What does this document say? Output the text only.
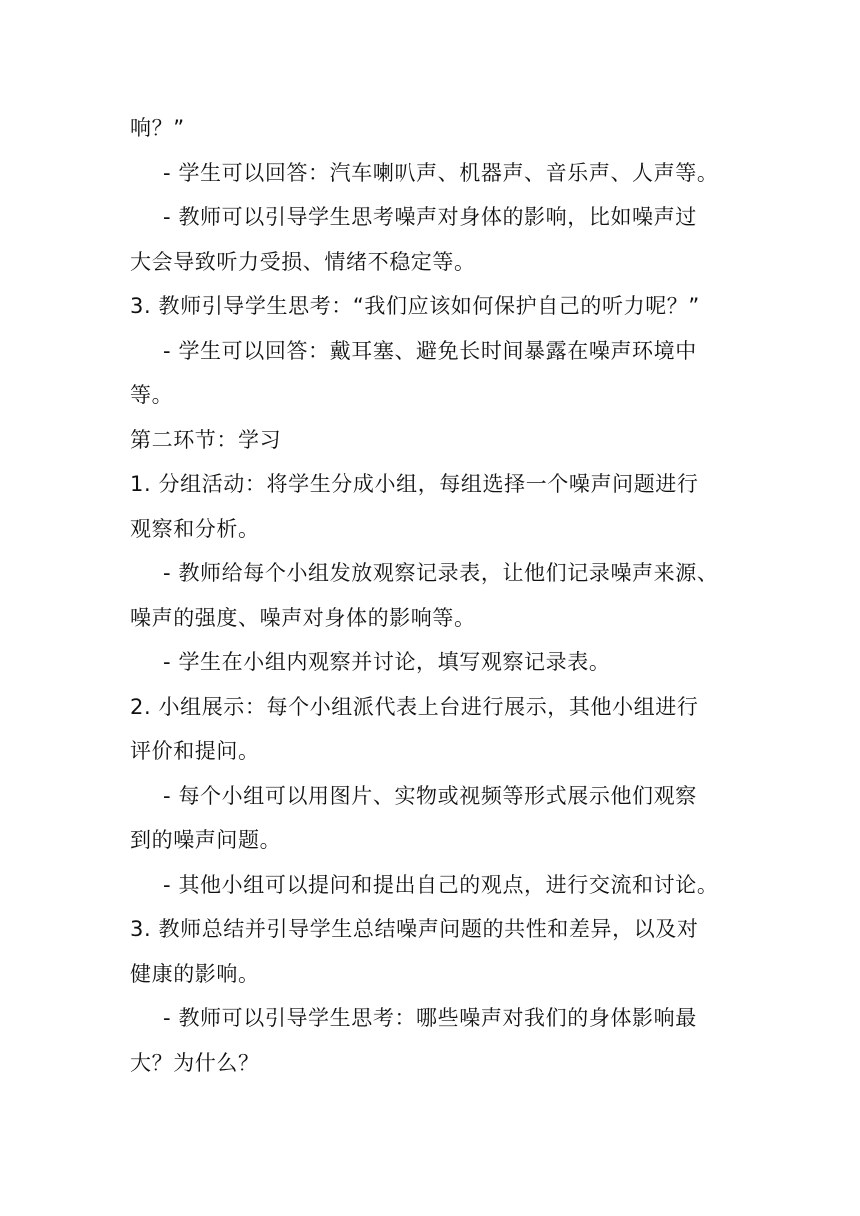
响？”
- 学生可以回答：汽车喇叭声、机器声、音乐声、人声等。
- 教师可以引导学生思考噪声对身体的影响，比如噪声过
大会导致听力受损、情绪不稳定等。
3. 教师引导学生思考：“我们应该如何保护自己的听力呢？”
- 学生可以回答：戴耳塞、避免长时间暴露在噪声环境中
等。
第二环节：学习
1. 分组活动：将学生分成小组，每组选择一个噪声问题进行
观察和分析。
- 教师给每个小组发放观察记录表，让他们记录噪声来源、
噪声的强度、噪声对身体的影响等。
- 学生在小组内观察并讨论，填写观察记录表。
2. 小组展示：每个小组派代表上台进行展示，其他小组进行
评价和提问。
- 每个小组可以用图片、实物或视频等形式展示他们观察
到的噪声问题。
- 其他小组可以提问和提出自己的观点，进行交流和讨论。
3. 教师总结并引导学生总结噪声问题的共性和差异，以及对
健康的影响。
- 教师可以引导学生思考：哪些噪声对我们的身体影响最
大？为什么？
